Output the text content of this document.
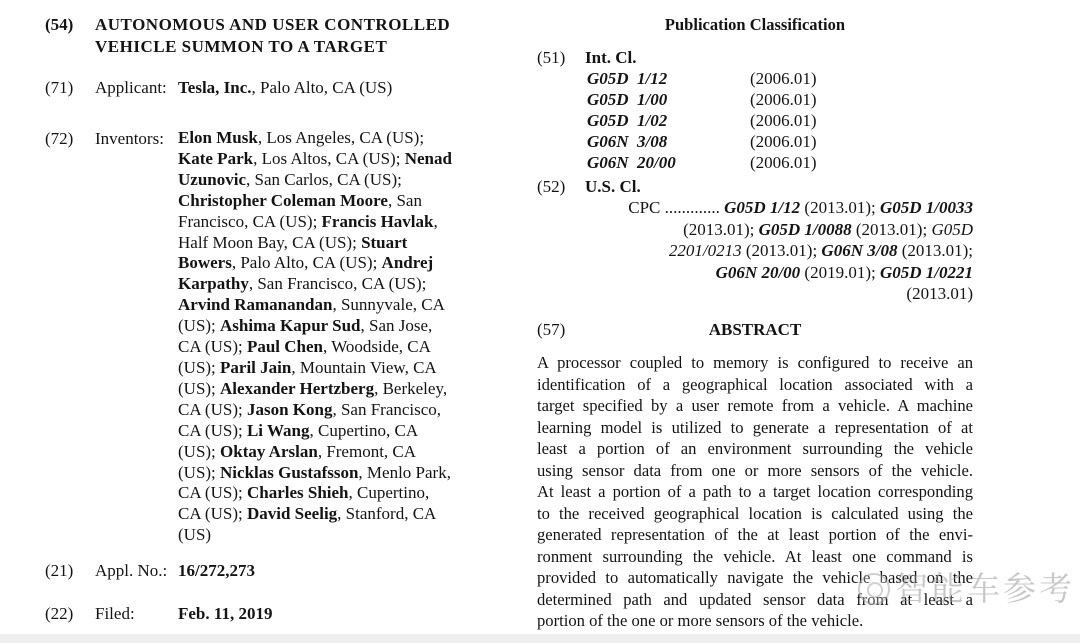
(54)	AUTONOMOUS AND USER CONTROLLED
VEHICLE SUMMON TO A TARGET
(71)	Applicant: Tesla, Inc., Palo Alto, CA (US)
(72)	Inventors: Elon Musk, Los Angeles, CA (US);
Kate Park, Los Altos, CA (US); Nenad
Uzunovic, San Carlos, CA (US);
Christopher Coleman Moore, San
Francisco, CA (US); Francis Havlak,
Half Moon Bay, CA (US); Stuart
Bowers, Palo Alto, CA (US); Andrej
Karpathy, San Francisco, CA (US);
Arvind Ramanandan, Sunnyvale, CA
(US); Ashima Kapur Sud, San Jose,
CA (US); Paul Chen, Woodside, CA
(US); Paril Jain, Mountain View, CA
(US); Alexander Hertzberg, Berkeley,
CA (US); Jason Kong, San Francisco,
CA (US); Li Wang, Cupertino, CA
(US); Oktay Arslan, Fremont, CA
(US); Nicklas Gustafsson, Menlo Park,
CA (US); Charles Shieh, Cupertino,
CA (US); David Seelig, Stanford, CA
(US)
(21)	Appl. No.: 16/272,273
(22)	Filed:	Feb. 11, 2019
Publication Classification
(51)	Int. Cl.
G05D 1/12	(2006.01)
G05D 1/00	(2006.01)
G05D 1/02	(2006.01)
G06N 3/08	(2006.01)
G06N 20/00	(2006.01)
(52)	U.S. Cl.
CPC ............. G05D 1/12 (2013.01); G05D 1/0033
(2013.01); G05D 1/0088 (2013.01); G05D
2201/0213 (2013.01); G06N 3/08 (2013.01);
G06N 20/00 (2019.01); G05D 1/0221
(2013.01)
(57)	ABSTRACT
A processor coupled to memory is configured to receive an
identification of a geographical location associated with a
target specified by a user remote from a vehicle. A machine
learning model is utilized to generate a representation of at
least a portion of an environment surrounding the vehicle
using sensor data from one or more sensors of the vehicle.
At least a portion of a path to a target location corresponding
to the received geographical location is calculated using the
generated representation of the at least portion of the envi-
ronment surrounding the vehicle. At least one command is
provided to automatically navigate the vehicle based on the
determined path and updated sensor data from at least a
portion of the one or more sensors of the vehicle.
智能车参考
